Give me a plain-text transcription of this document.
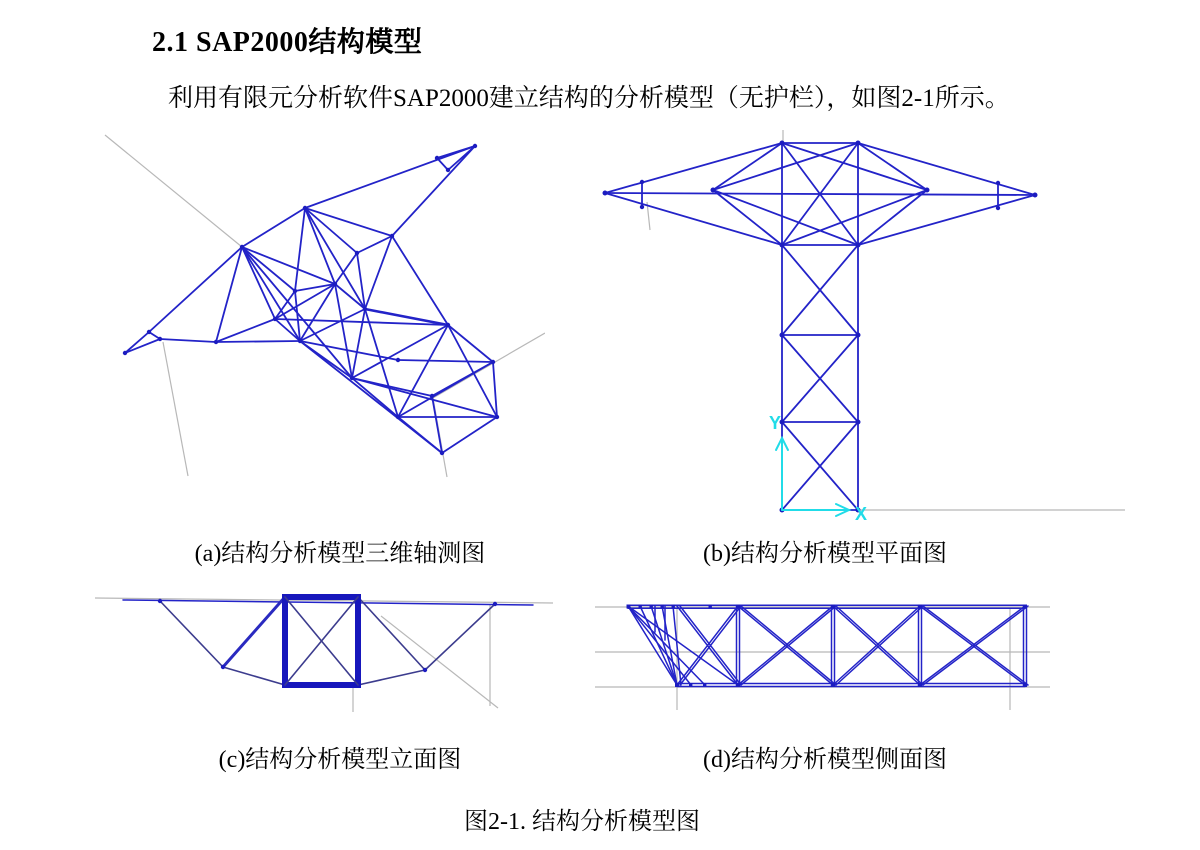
2.1 SAP2000结构模型
利用有限元分析软件SAP2000建立结构的分析模型（无护栏），如图2-1所示。
Y
X
(a)结构分析模型三维轴测图	(b)结构分析模型平面图
(c)结构分析模型立面图	(d)结构分析模型侧面图
图2-1. 结构分析模型图
